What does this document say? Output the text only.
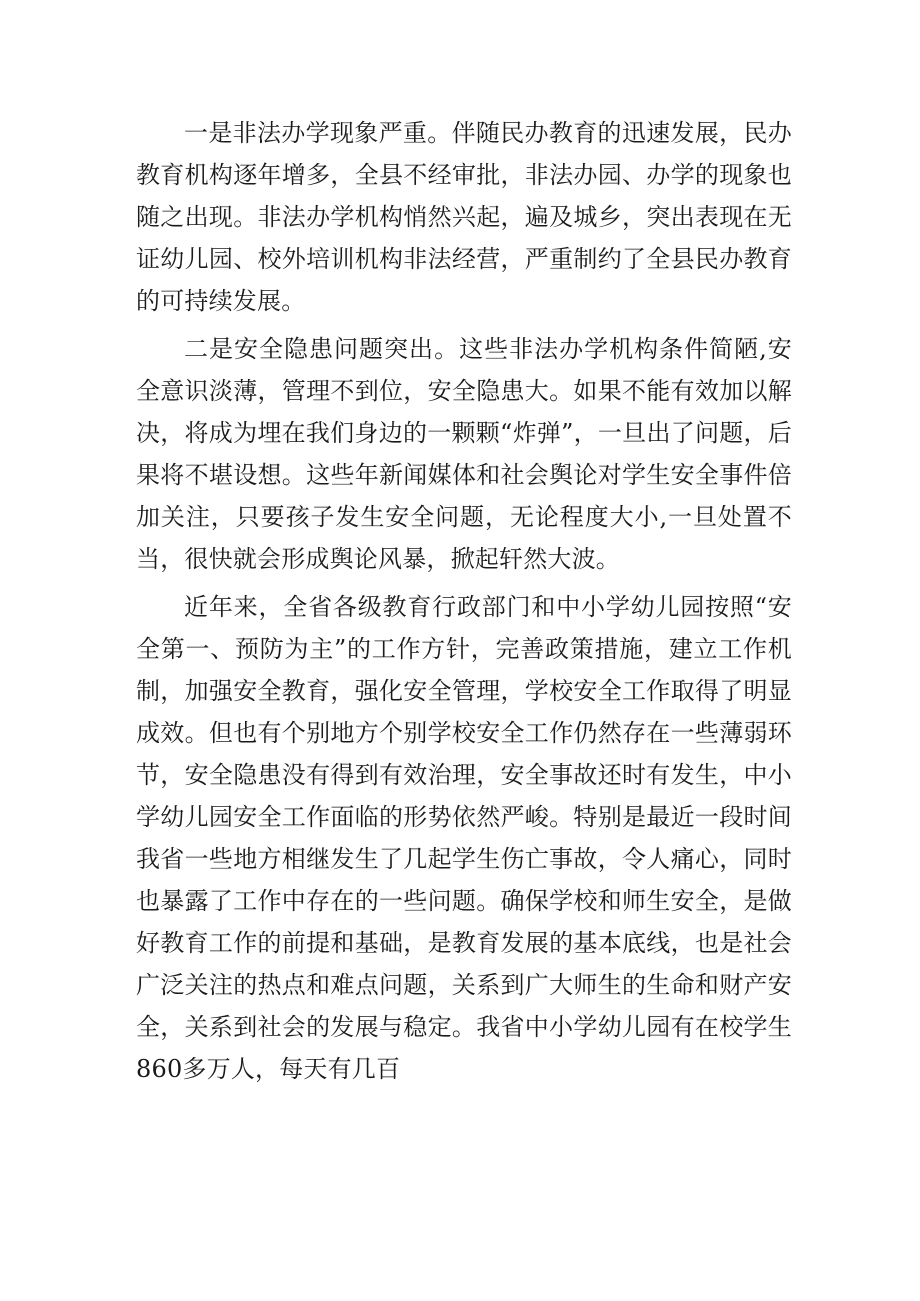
一是非法办学现象严重。伴随民办教育的迅速发展，民办教育机构逐年增多，全县不经审批，非法办园、办学的现象也随之出现。非法办学机构悄然兴起，遍及城乡，突出表现在无证幼儿园、校外培训机构非法经营，严重制约了全县民办教育的可持续发展。

二是安全隐患问题突出。这些非法办学机构条件简陋,安全意识淡薄，管理不到位，安全隐患大。如果不能有效加以解决，将成为埋在我们身边的一颗颗“炸弹”，一旦出了问题，后果将不堪设想。这些年新闻媒体和社会舆论对学生安全事件倍加关注，只要孩子发生安全问题，无论程度大小,一旦处置不当，很快就会形成舆论风暴，掀起轩然大波。

近年来，全省各级教育行政部门和中小学幼儿园按照“安全第一、预防为主”的工作方针，完善政策措施，建立工作机制，加强安全教育，强化安全管理，学校安全工作取得了明显成效。但也有个别地方个别学校安全工作仍然存在一些薄弱环节，安全隐患没有得到有效治理，安全事故还时有发生，中小学幼儿园安全工作面临的形势依然严峻。特别是最近一段时间我省一些地方相继发生了几起学生伤亡事故，令人痛心，同时也暴露了工作中存在的一些问题。确保学校和师生安全，是做好教育工作的前提和基础，是教育发展的基本底线，也是社会广泛关注的热点和难点问题，关系到广大师生的生命和财产安全，关系到社会的发展与稳定。我省中小学幼儿园有在校学生860多万人，每天有几百
